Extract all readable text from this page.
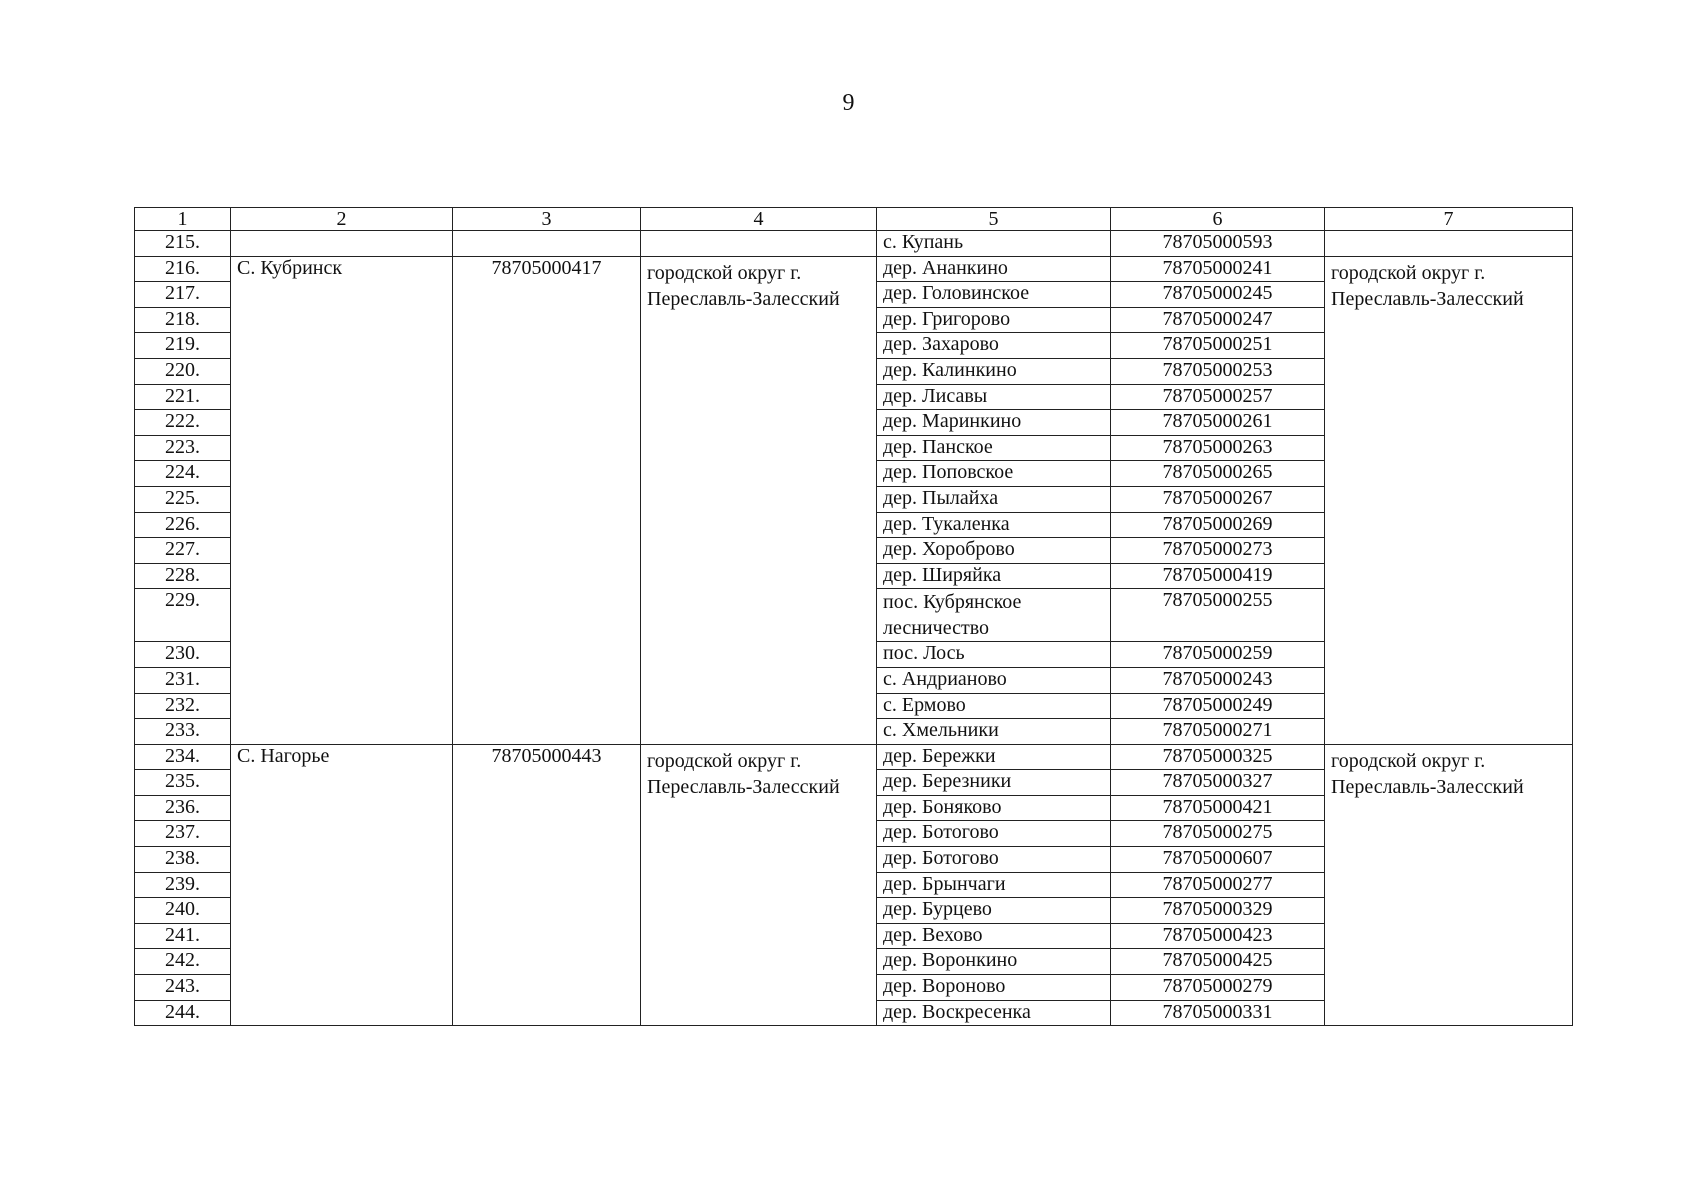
9
1	2	3	4	5	6	7
215.				с. Купань	78705000593	
216.	С. Кубринск	78705000417	городской округ г. Переславль-Залесский	дер. Ананкино	78705000241	городской округ г. Переславль-Залесский
217.				дер. Головинское	78705000245	
218.				дер. Григорово	78705000247	
219.				дер. Захарово	78705000251	
220.				дер. Калинкино	78705000253	
221.				дер. Лисавы	78705000257	
222.				дер. Маринкино	78705000261	
223.				дер. Панское	78705000263	
224.				дер. Поповское	78705000265	
225.				дер. Пылайха	78705000267	
226.				дер. Тукаленка	78705000269	
227.				дер. Хороброво	78705000273	
228.				дер. Ширяйка	78705000419	
229.				пос. Кубрянское лесничество	78705000255	
230.				пос. Лось	78705000259	
231.				с. Андрианово	78705000243	
232.				с. Ермово	78705000249	
233.				с. Хмельники	78705000271	
234.	С. Нагорье	78705000443	городской округ г. Переславль-Залесский	дер. Бережки	78705000325	городской округ г. Переславль-Залесский
235.				дер. Березники	78705000327	
236.				дер. Боняково	78705000421	
237.				дер. Ботогово	78705000275	
238.				дер. Ботогово	78705000607	
239.				дер. Брынчаги	78705000277	
240.				дер. Бурцево	78705000329	
241.				дер. Вехово	78705000423	
242.				дер. Воронкино	78705000425	
243.				дер. Вороново	78705000279	
244.				дер. Воскресенка	78705000331	
